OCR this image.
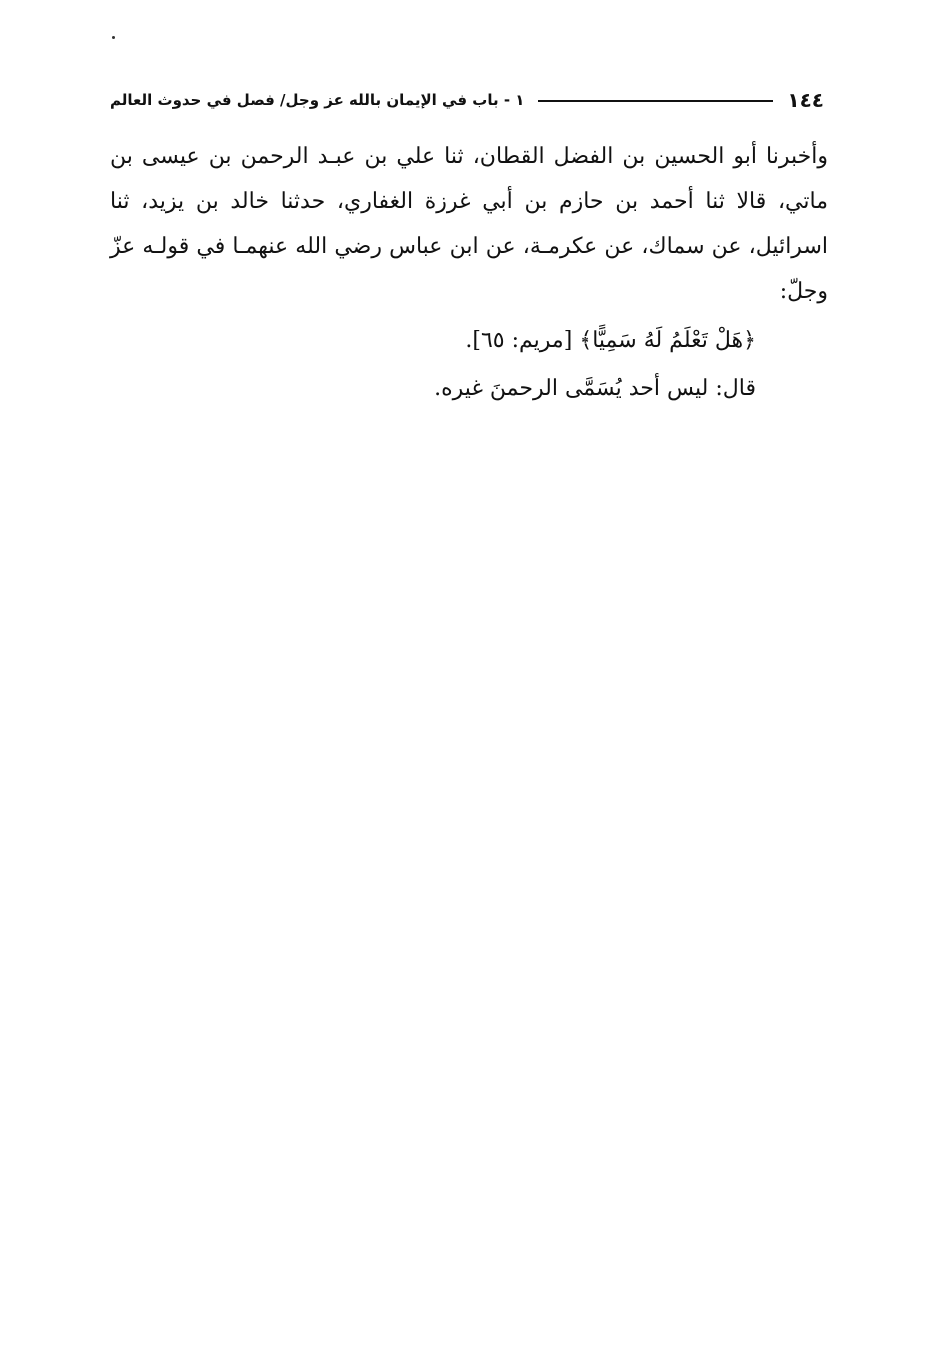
١٤٤
١ - باب في الإيمان بالله عز وجل/ فصل في حدوث العالم

وأخبرنا أبو الحسين بن الفضل القطان، ثنا علي بن عبـد الرحمن بن عيسى بن ماتي، قالا ثنا أحمد بن حازم بن أبي غرزة الغفاري، حدثنا خالد بن يزيد، ثنا اسرائيل، عن سماك، عن عكرمـة، عن ابن عباس رضي الله عنهمـا في قولـه عزّ وجلّ:

﴿هَلْ تَعْلَمُ لَهُ سَمِيًّا﴾ [مريم: ٦٥].
قال: ليس أحد يُسَمَّى الرحمنَ غيره.
